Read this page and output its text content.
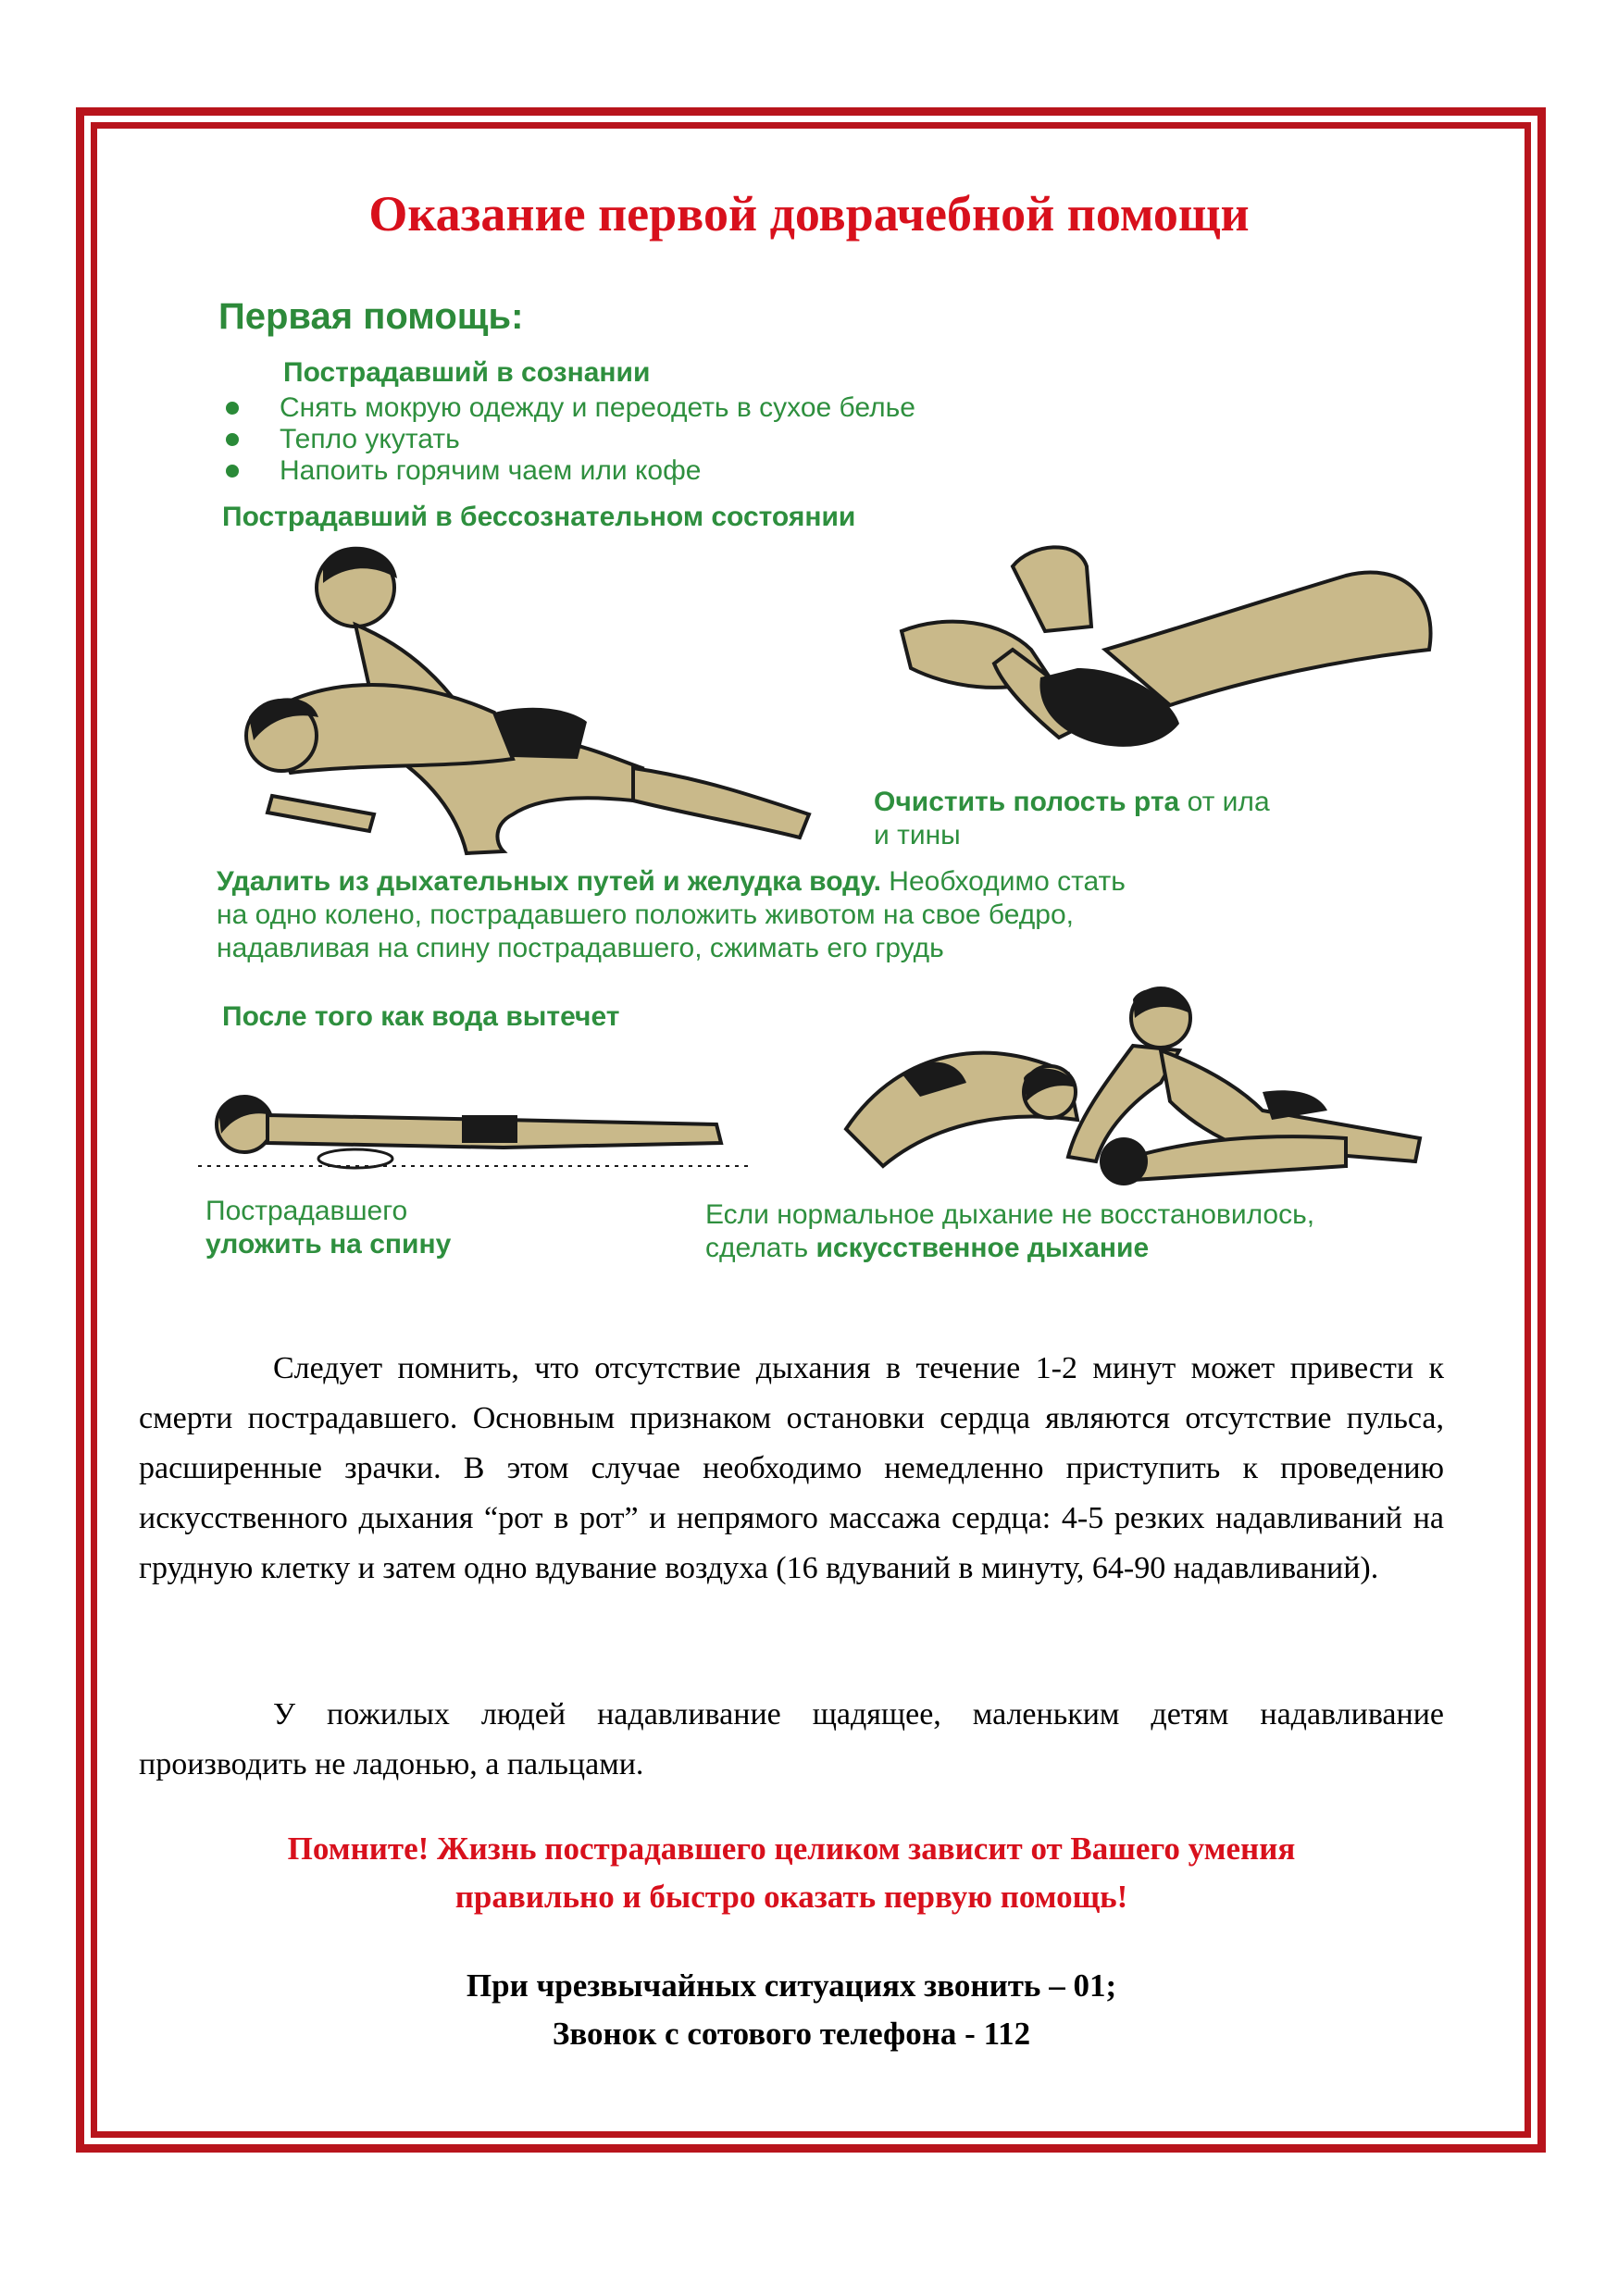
Оказание первой доврачебной помощи
Первая помощь:
Пострадавший в сознании
Снять мокрую одежду и переодеть в сухое белье
Тепло укутать
Напоить горячим чаем или кофе
Пострадавший в бессознательном состоянии
Очистить полость рта от ила
и тины
Удалить из дыхательных путей и желудка воду. Необходимо стать
на одно колено, пострадавшего положить животом на свое бедро,
надавливая на спину пострадавшего, сжимать его грудь
После того как вода вытечет
Пострадавшего
уложить на спину
Если нормальное дыхание не восстановилось,
сделать искусственное дыхание

Следует помнить, что отсутствие дыхания в течение 1-2 минут может привести к смерти пострадавшего. Основным признаком остановки сердца являются отсутствие пульса, расширенные зрачки. В этом случае необходимо немедленно приступить к проведению искусственного дыхания “рот в рот” и непрямого массажа сердца: 4-5 резких надавливаний на грудную клетку и затем одно вдувание воздуха (16 вдуваний в минуту, 64-90 надавливаний).

У пожилых людей надавливание щадящее, маленьким детям надавливание производить не ладонью, а пальцами.

Помните! Жизнь пострадавшего целиком зависит от Вашего умения
правильно и быстро оказать первую помощь!
При чрезвычайных ситуациях звонить – 01;
Звонок с сотового телефона - 112
